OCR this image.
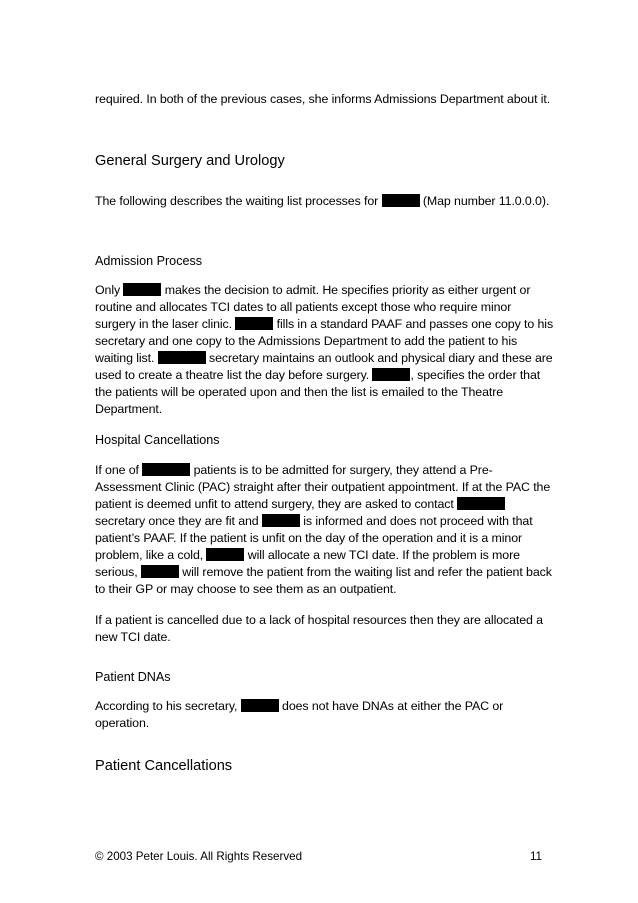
required. In both of the previous cases, she informs Admissions Department about it.

General Surgery and Urology

The following describes the waiting list processes for	(Map number 11.0.0.0).

Admission Process

Only	makes the decision to admit. He specifies priority as either urgent or routine and allocates TCI dates to all patients except those who require minor surgery in the laser clinic.	fills in a standard PAAF and passes one copy to his secretary and one copy to the Admissions Department to add the patient to his waiting list.	secretary maintains an outlook and physical diary and these are used to create a theatre list the day before surgery.	, specifies the order that the patients will be operated upon and then the list is emailed to the Theatre Department.

Hospital Cancellations

If one of	patients is to be admitted for surgery, they attend a Pre-Assessment Clinic (PAC) straight after their outpatient appointment. If at the PAC the patient is deemed unfit to attend surgery, they are asked to contact  secretary once they are fit and	is informed and does not proceed with that patient’s PAAF. If the patient is unfit on the day of the operation and it is a minor problem, like a cold,	will allocate a new TCI date. If the problem is more serious,	will remove the patient from the waiting list and refer the patient back to their GP or may choose to see them as an outpatient.

If a patient is cancelled due to a lack of hospital resources then they are allocated a new TCI date.

Patient DNAs

According to his secretary,	does not have DNAs at either the PAC or operation.

Patient Cancellations
© 2003 Peter Louis. All Rights Reserved	11
